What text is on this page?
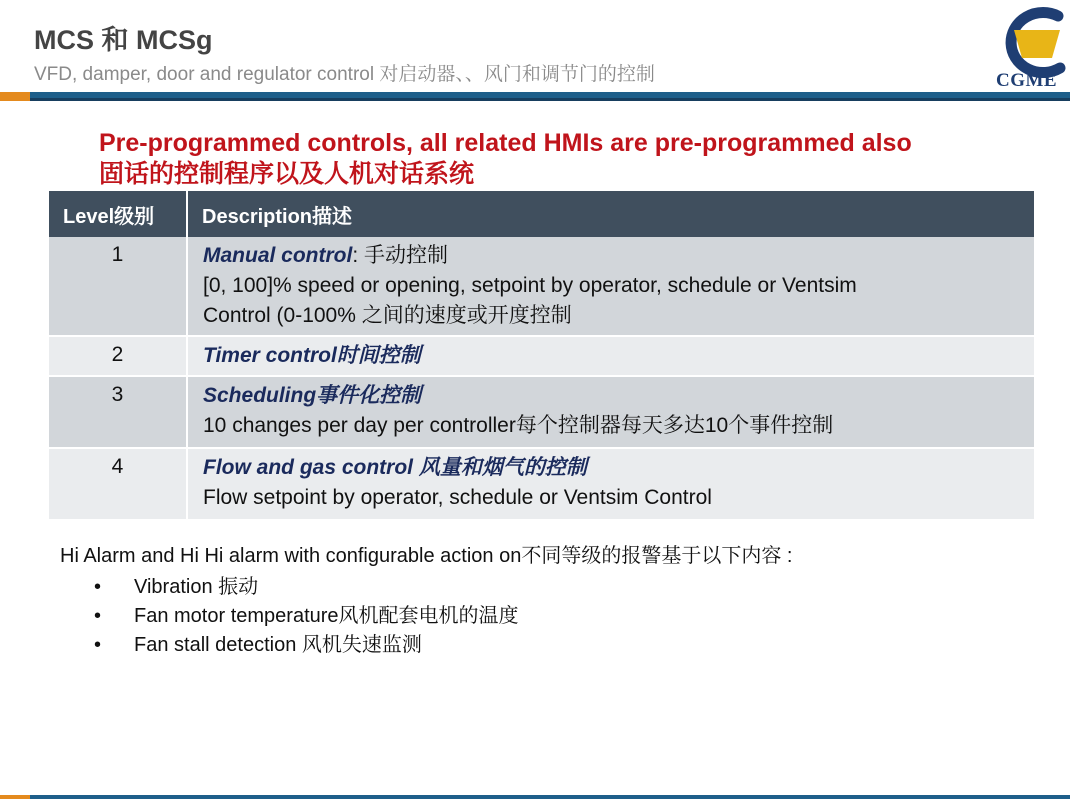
MCS 和 MCSg
VFD, damper, door and regulator control 对启动器、、风门和调节门的控制	CGME
Pre-programmed controls, all related HMIs are pre-programmed also
固话的控制程序以及人机对话系统
Level级别	Description描述
1	Manual control: 手动控制
[0, 100]% speed or opening, setpoint by operator, schedule or Ventsim
Control (0-100% 之间的速度或开度控制

2	Timer control时间控制

3	Scheduling事件化控制
10 changes per day per controller每个控制器每天多达10个事件控制

4	Flow and gas control 风量和烟气的控制
Flow setpoint by operator, schedule or Ventsim Control

Hi Alarm and Hi Hi alarm with configurable action on不同等级的报警基于以下内容 :

• Vibration 振动
• Fan motor temperature风机配套电机的温度
• Fan stall detection 风机失速监测
